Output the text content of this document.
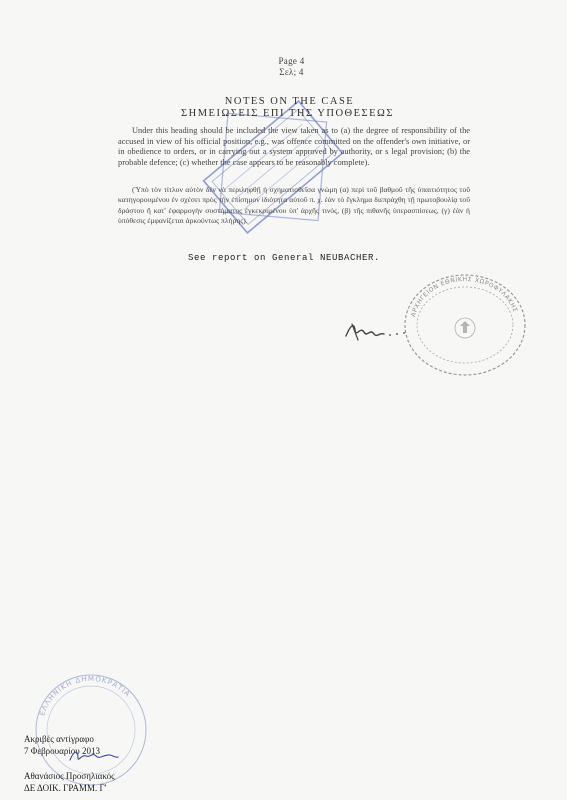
Page 4
Σελ; 4
NOTES ON THE CASE
ΣΗΜΕΙΩΣΕΙΣ ΕΠΙ ΤΗΣ ΥΠΟΘΕΣΕΩΣ
Under this heading should be included the view taken as to (a) the degree of responsibility of the accused in view of his official position, e.g., was offence committed on the offender's own initiative, or in obedience to orders, or in carrying out a system approved by authority, or s legal provision; (b) the probable defence; (c) whether the case appears to be reasonably complete).
(Ὑπὸ τὸν τίτλον αὐτὸν δὲν νὰ περιληφθῇ ἡ σχηματισθεῖσα γνώμη (α) περὶ τοῦ βαθμοῦ τῆς ὑπαιτιότητος τοῦ κατηγορουμένου ἐν σχέσει πρὸς τὴν ἐπίσημον ἰδιότητα αὐτοῦ π. χ. ἐὰν τὸ ἔγκλημα διεπράχθη τῇ πρωτοβουλίᾳ τοῦ δράστου ἢ κατ' ἐφαρμογὴν συστήματος ἐγκεκριμένου ὑπ' ἀρχῆς τινός, (β) τῆς πιθανῆς ὑπερασπίσεως, (γ) ἐὰν ἡ ὑπόθεσις ἐμφανίζεται ἀρκούντως πλήρης).
See report on General NEUBACHER.
ΑΡΧΗΓΕΙΟΝ ΕΘΝΙΚΗΣ ΧΩΡΟΦΥΛΑΚΗΣ
ΕΛΛΗΝΙΚΗ ΔΗΜΟΚΡΑΤΙΑ
Ακριβές αντίγραφο
7 Φεβρουαρίου 2013
Αθανάσιος Προσηλιακός
ΔΕ ΔΟΙΚ. ΓΡΑΜΜ. Γ'
